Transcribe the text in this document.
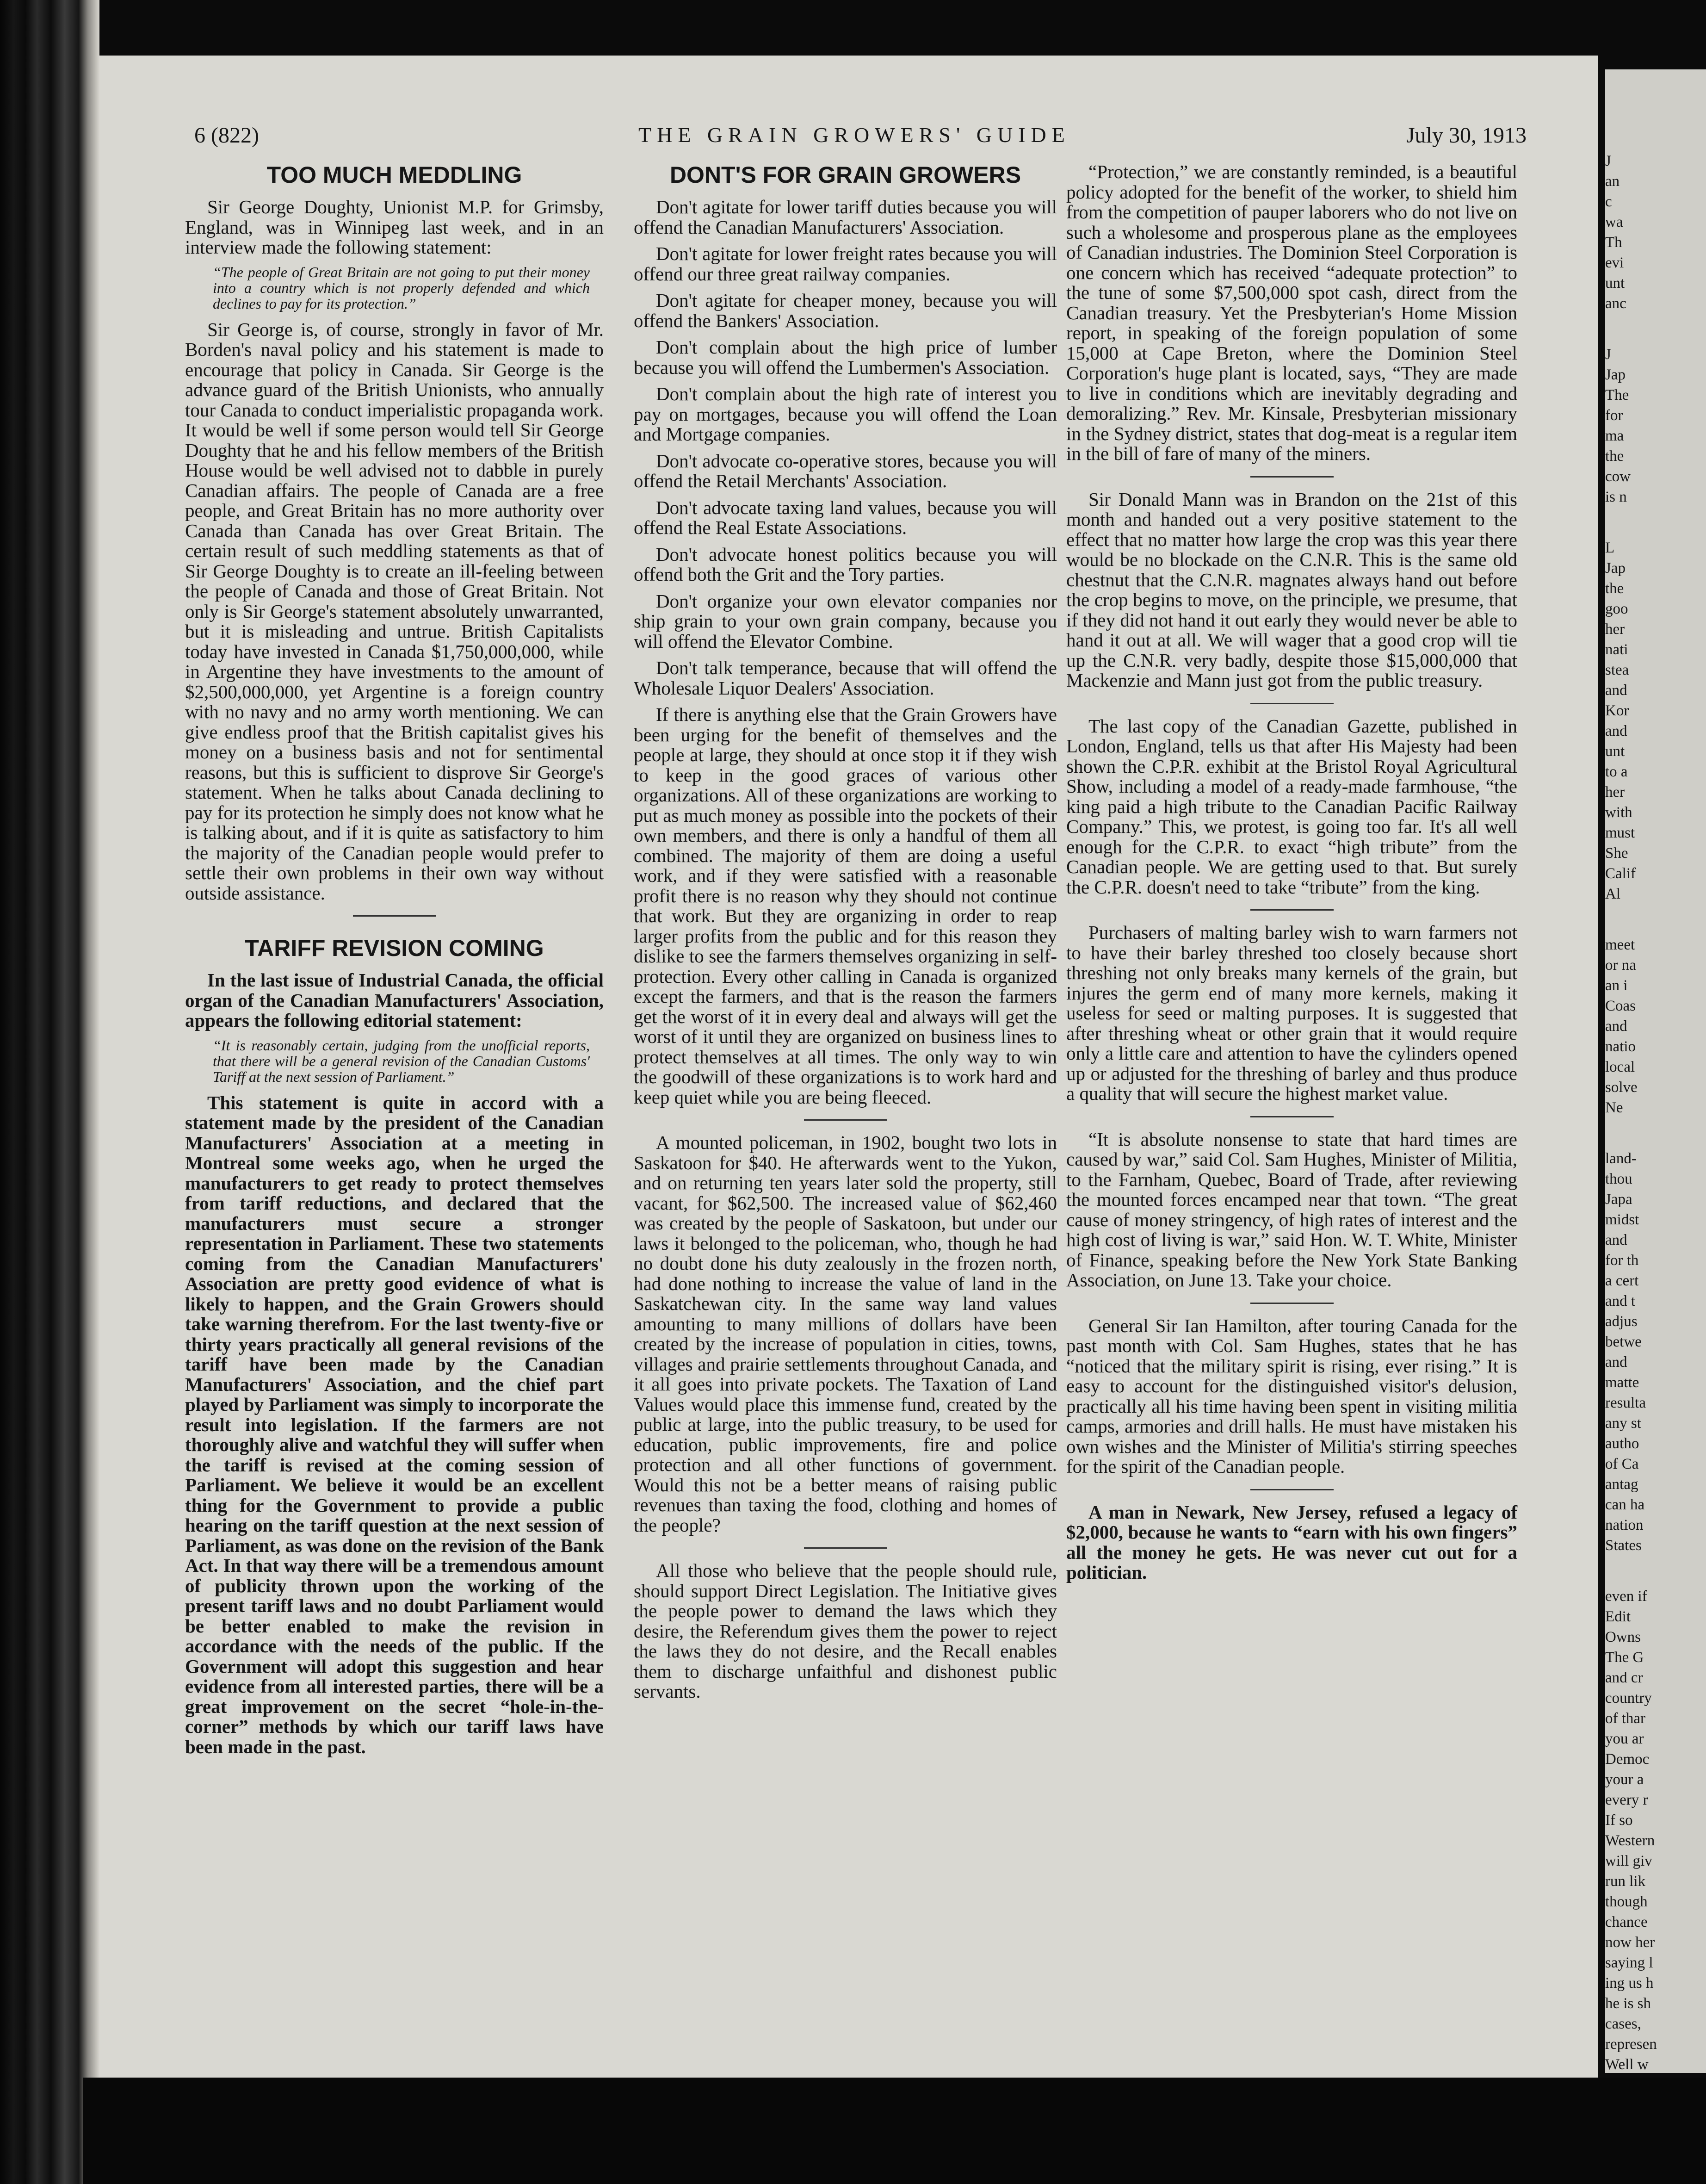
6 (822)	THE GRAIN GROWERS' GUIDE	July 30, 1913
TOO MUCH MEDDLING

Sir George Doughty, Unionist M.P. for Grimsby, England, was in Winnipeg last week, and in an interview made the following statement:

“The people of Great Britain are not going to put their money into a country which is not properly defended and which declines to pay for its protection.”

Sir George is, of course, strongly in favor of Mr. Borden's naval policy and his statement is made to encourage that policy in Canada. Sir George is the advance guard of the British Unionists, who annually tour Canada to conduct imperialistic propaganda work. It would be well if some person would tell Sir George Doughty that he and his fellow members of the British House would be well advised not to dabble in purely Canadian affairs. The people of Canada are a free people, and Great Britain has no more authority over Canada than Canada has over Great Britain. The certain result of such meddling statements as that of Sir George Doughty is to create an ill-feeling between the people of Canada and those of Great Britain. Not only is Sir George's statement absolutely unwarranted, but it is misleading and untrue. British Capitalists today have invested in Canada $1,750,000,000, while in Argentine they have investments to the amount of $2,500,000,000, yet Argentine is a foreign country with no navy and no army worth mentioning. We can give endless proof that the British capitalist gives his money on a business basis and not for sentimental reasons, but this is sufficient to disprove Sir George's statement. When he talks about Canada declining to pay for its protection he simply does not know what he is talking about, and if it is quite as satisfactory to him the majority of the Canadian people would prefer to settle their own problems in their own way without outside assistance.

TARIFF REVISION COMING

In the last issue of Industrial Canada, the official organ of the Canadian Manufacturers' Association, appears the following editorial statement:

“It is reasonably certain, judging from the unofficial reports, that there will be a general revision of the Canadian Customs' Tariff at the next session of Parliament.”

This statement is quite in accord with a statement made by the president of the Canadian Manufacturers' Association at a meeting in Montreal some weeks ago, when he urged the manufacturers to get ready to protect themselves from tariff reductions, and declared that the manufacturers must secure a stronger representation in Parliament. These two statements coming from the Canadian Manufacturers' Association are pretty good evidence of what is likely to happen, and the Grain Growers should take warning therefrom. For the last twenty-five or thirty years practically all general revisions of the tariff have been made by the Canadian Manufacturers' Association, and the chief part played by Parliament was simply to incorporate the result into legislation. If the farmers are not thoroughly alive and watchful they will suffer when the tariff is revised at the coming session of Parliament. We believe it would be an excellent thing for the Government to provide a public hearing on the tariff question at the next session of Parliament, as was done on the revision of the Bank Act. In that way there will be a tremendous amount of publicity thrown upon the working of the present tariff laws and no doubt Parliament would be better enabled to make the revision in accordance with the needs of the public. If the Government will adopt this suggestion and hear evidence from all interested parties, there will be a great improvement on the secret “hole-in-the-corner” methods by which our tariff laws have been made in the past.

DONT'S FOR GRAIN GROWERS

Don't agitate for lower tariff duties because you will offend the Canadian Manufacturers' Association.

Don't agitate for lower freight rates because you will offend our three great railway companies.

Don't agitate for cheaper money, because you will offend the Bankers' Association.

Don't complain about the high price of lumber because you will offend the Lumbermen's Association.

Don't complain about the high rate of interest you pay on mortgages, because you will offend the Loan and Mortgage companies.

Don't advocate co-operative stores, because you will offend the Retail Merchants' Association.

Don't advocate taxing land values, because you will offend the Real Estate Associations.

Don't advocate honest politics because you will offend both the Grit and the Tory parties.

Don't organize your own elevator companies nor ship grain to your own grain company, because you will offend the Elevator Combine.

Don't talk temperance, because that will offend the Wholesale Liquor Dealers' Association.

If there is anything else that the Grain Growers have been urging for the benefit of themselves and the people at large, they should at once stop it if they wish to keep in the good graces of various other organizations. All of these organizations are working to put as much money as possible into the pockets of their own members, and there is only a handful of them all combined. The majority of them are doing a useful work, and if they were satisfied with a reasonable profit there is no reason why they should not continue that work. But they are organizing in order to reap larger profits from the public and for this reason they dislike to see the farmers themselves organizing in self-protection. Every other calling in Canada is organized except the farmers, and that is the reason the farmers get the worst of it in every deal and always will get the worst of it until they are organized on business lines to protect themselves at all times. The only way to win the goodwill of these organizations is to work hard and keep quiet while you are being fleeced.

A mounted policeman, in 1902, bought two lots in Saskatoon for $40. He afterwards went to the Yukon, and on returning ten years later sold the property, still vacant, for $62,500. The increased value of $62,460 was created by the people of Saskatoon, but under our laws it belonged to the policeman, who, though he had no doubt done his duty zealously in the frozen north, had done nothing to increase the value of land in the Saskatchewan city. In the same way land values amounting to many millions of dollars have been created by the increase of population in cities, towns, villages and prairie settlements throughout Canada, and it all goes into private pockets. The Taxation of Land Values would place this immense fund, created by the public at large, into the public treasury, to be used for education, public improvements, fire and police protection and all other functions of government. Would this not be a better means of raising public revenues than taxing the food, clothing and homes of the people?

All those who believe that the people should rule, should support Direct Legislation. The Initiative gives the people power to demand the laws which they desire, the Referendum gives them the power to reject the laws they do not desire, and the Recall enables them to discharge unfaithful and dishonest public servants.

“Protection,” we are constantly reminded, is a beautiful policy adopted for the benefit of the worker, to shield him from the competition of pauper laborers who do not live on such a wholesome and prosperous plane as the employees of Canadian industries. The Dominion Steel Corporation is one concern which has received “adequate protection” to the tune of some $7,500,000 spot cash, direct from the Canadian treasury. Yet the Presbyterian's Home Mission report, in speaking of the foreign population of some 15,000 at Cape Breton, where the Dominion Steel Corporation's huge plant is located, says, “They are made to live in conditions which are inevitably degrading and demoralizing.” Rev. Mr. Kinsale, Presbyterian missionary in the Sydney district, states that dog-meat is a regular item in the bill of fare of many of the miners.

Sir Donald Mann was in Brandon on the 21st of this month and handed out a very positive statement to the effect that no matter how large the crop was this year there would be no blockade on the C.N.R. This is the same old chestnut that the C.N.R. magnates always hand out before the crop begins to move, on the principle, we presume, that if they did not hand it out early they would never be able to hand it out at all. We will wager that a good crop will tie up the C.N.R. very badly, despite those $15,000,000 that Mackenzie and Mann just got from the public treasury.

The last copy of the Canadian Gazette, published in London, England, tells us that after His Majesty had been shown the C.P.R. exhibit at the Bristol Royal Agricultural Show, including a model of a ready-made farmhouse, “the king paid a high tribute to the Canadian Pacific Railway Company.” This, we protest, is going too far. It's all well enough for the C.P.R. to exact “high tribute” from the Canadian people. We are getting used to that. But surely the C.P.R. doesn't need to take “tribute” from the king.

Purchasers of malting barley wish to warn farmers not to have their barley threshed too closely because short threshing not only breaks many kernels of the grain, but injures the germ end of many more kernels, making it useless for seed or malting purposes. It is suggested that after threshing wheat or other grain that it would require only a little care and attention to have the cylinders opened up or adjusted for the threshing of barley and thus produce a quality that will secure the highest market value.

“It is absolute nonsense to state that hard times are caused by war,” said Col. Sam Hughes, Minister of Militia, to the Farnham, Quebec, Board of Trade, after reviewing the mounted forces encamped near that town. “The great cause of money stringency, of high rates of interest and the high cost of living is war,” said Hon. W. T. White, Minister of Finance, speaking before the New York State Banking Association, on June 13. Take your choice.

General Sir Ian Hamilton, after touring Canada for the past month with Col. Sam Hughes, states that he has “noticed that the military spirit is rising, ever rising.” It is easy to account for the distinguished visitor's delusion, practically all his time having been spent in visiting militia camps, armories and drill halls. He must have mistaken his own wishes and the Minister of Militia's stirring speeches for the spirit of the Canadian people.

A man in Newark, New Jersey, refused a legacy of $2,000, because he wants to “earn with his own fingers” all the money he gets. He was never cut out for a politician.

J
an
c
wa
Th
evi
unt
anc
J
Jap
The
for
ma
the
cow
is n
L
Jap
the
goo
her
nati
stea
and
Kor
and
unt
to a
her
with
must
She
Calif
Al
meet
or na
an i
Coas
and
natio
local
solve
Ne
land-
thou
Japa
midst
and
for th
a cert
and t
adjus
betwe
and
matte
resulta
any st
autho
of Ca
antag
can ha
nation
States
even if
Edit
Owns
The G
and cr
country
of thar
you ar
Democ
your a
every r
If so
Western
will giv
run lik
though
chance
now her
saying l
ing us h
he is sh
cases,
represen
Well w
